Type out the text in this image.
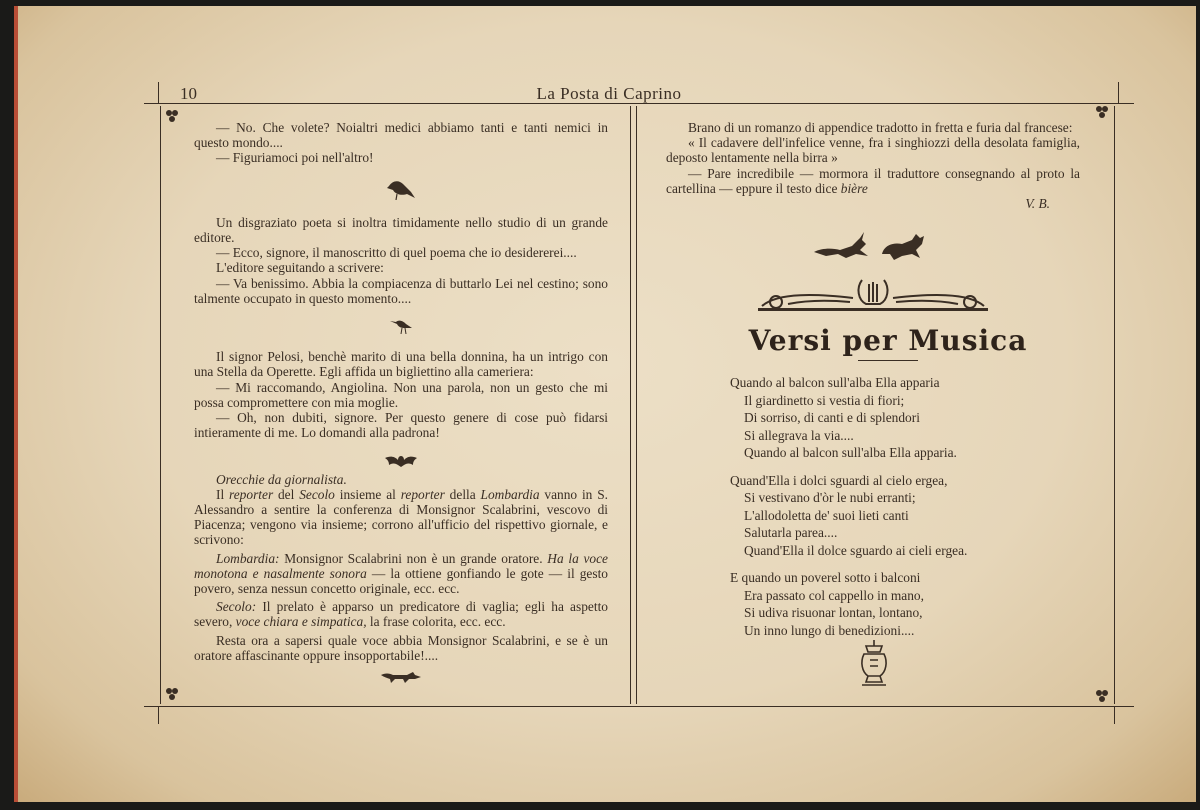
La Posta di Caprino
10

— No. Che volete? Noialtri medici abbiamo tanti e tanti nemici in questo mondo....

— Figuriamoci poi nell'altro!

Un disgraziato poeta si inoltra timidamente nello studio di un grande editore.

— Ecco, signore, il manoscritto di quel poema che io desidererei....

L'editore seguitando a scrivere:

— Va benissimo. Abbia la compiacenza di buttarlo Lei nel cestino; sono talmente occupato in questo momento....

Il signor Pelosi, benchè marito di una bella donnina, ha un intrigo con una Stella da Operette. Egli affida un bigliettino alla cameriera:

— Mi raccomando, Angiolina. Non una parola, non un gesto che mi possa compromettere con mia moglie.

— Oh, non dubiti, signore. Per questo genere di cose può fidarsi intieramente di me. Lo domandi alla padrona!

Orecchie da giornalista.

Il reporter del Secolo insieme al reporter della Lombardia vanno in S. Alessandro a sentire la conferenza di Monsignor Scalabrini, vescovo di Piacenza; vengono via insieme; corrono all'ufficio del rispettivo giornale, e scrivono:

Lombardia: Monsignor Scalabrini non è un grande oratore. Ha la voce monotona e nasalmente sonora — la ottiene gonfiando le gote — il gesto povero, senza nessun concetto originale, ecc. ecc.

Secolo: Il prelato è apparso un predicatore di vaglia; egli ha aspetto severo, voce chiara e simpatica, la frase colorita, ecc. ecc.

Resta ora a sapersi quale voce abbia Monsignor Scalabrini, e se è un oratore affascinante oppure insopportabile!....

Brano di un romanzo di appendice tradotto in fretta e furia dal francese:

« Il cadavere dell'infelice venne, fra i singhiozzi della desolata famiglia, deposto lentamente nella birra »

— Pare incredibile — mormora il traduttore consegnando al proto la cartellina — eppure il testo dice bière

V. B.

Versi per Musica
Quando al balcon sull'alba Ella apparia
Il giardinetto si vestia di fiori;
Di sorriso, di canti e di splendori
Si allegrava la via....
Quando al balcon sull'alba Ella apparia.
Quand'Ella i dolci sguardi al cielo ergea,
Si vestivano d'òr le nubi erranti;
L'allodoletta de' suoi lieti canti
Salutarla parea....
Quand'Ella il dolce sguardo ai cieli ergea.
E quando un poverel sotto i balconi
Era passato col cappello in mano,
Si udiva risuonar lontan, lontano,
Un inno lungo di benedizioni....
